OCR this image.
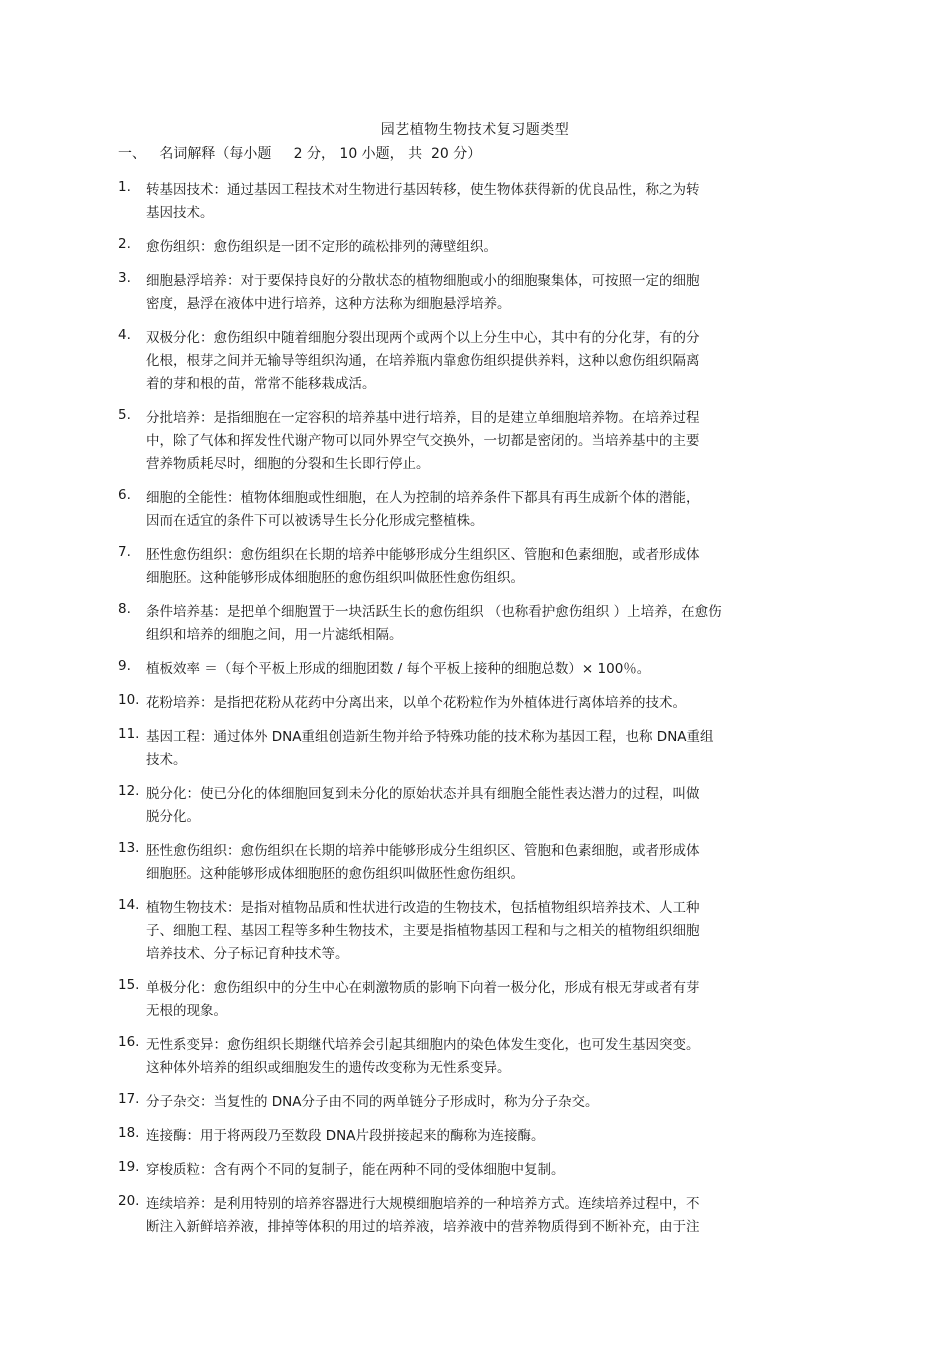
园艺植物生物技术复习题类型
一、   名词解释（每小题     2 分， 10 小题， 共  20 分）
1.	转基因技术：通过基因工程技术对生物进行基因转移，使生物体获得新的优良品性，称之为转
基因技术。
2.	愈伤组织：愈伤组织是一团不定形的疏松排列的薄壁组织。
3.	细胞悬浮培养：对于要保持良好的分散状态的植物细胞或小的细胞聚集体，可按照一定的细胞
密度，悬浮在液体中进行培养，这种方法称为细胞悬浮培养。
4.	双极分化：愈伤组织中随着细胞分裂出现两个或两个以上分生中心，其中有的分化芽，有的分
化根，根芽之间并无输导等组织沟通，在培养瓶内靠愈伤组织提供养料，这种以愈伤组织隔离
着的芽和根的苗，常常不能移栽成活。
5.	分批培养：是指细胞在一定容积的培养基中进行培养，目的是建立单细胞培养物。在培养过程
中，除了气体和挥发性代谢产物可以同外界空气交换外，一切都是密闭的。当培养基中的主要
营养物质耗尽时，细胞的分裂和生长即行停止。
6.	细胞的全能性：植物体细胞或性细胞，在人为控制的培养条件下都具有再生成新个体的潜能，
因而在适宜的条件下可以被诱导生长分化形成完整植株。
7.	胚性愈伤组织：愈伤组织在长期的培养中能够形成分生组织区、管胞和色素细胞，或者形成体
细胞胚。这种能够形成体细胞胚的愈伤组织叫做胚性愈伤组织。
8.	条件培养基：是把单个细胞置于一块活跃生长的愈伤组织 （也称看护愈伤组织 ）上培养，在愈伤
组织和培养的细胞之间，用一片滤纸相隔。
9.	植板效率 ＝（每个平板上形成的细胞团数 / 每个平板上接种的细胞总数）× 100％。
10. 花粉培养：是指把花粉从花药中分离出来，以单个花粉粒作为外植体进行离体培养的技术。
11. 基因工程：通过体外 DNA重组创造新生物并给予特殊功能的技术称为基因工程，也称 DNA重组
技术。
12. 脱分化：使已分化的体细胞回复到未分化的原始状态并具有细胞全能性表达潜力的过程，叫做
脱分化。
13. 胚性愈伤组织：愈伤组织在长期的培养中能够形成分生组织区、管胞和色素细胞，或者形成体
细胞胚。这种能够形成体细胞胚的愈伤组织叫做胚性愈伤组织。
14. 植物生物技术：是指对植物品质和性状进行改造的生物技术，包括植物组织培养技术、人工种
子、细胞工程、基因工程等多种生物技术，主要是指植物基因工程和与之相关的植物组织细胞
培养技术、分子标记育种技术等。
15. 单极分化：愈伤组织中的分生中心在刺激物质的影响下向着一极分化，形成有根无芽或者有芽
无根的现象。
16. 无性系变异：愈伤组织长期继代培养会引起其细胞内的染色体发生变化，也可发生基因突变。
这种体外培养的组织或细胞发生的遗传改变称为无性系变异。
17. 分子杂交：当复性的 DNA分子由不同的两单链分子形成时，称为分子杂交。
18. 连接酶：用于将两段乃至数段 DNA片段拼接起来的酶称为连接酶。
19. 穿梭质粒：含有两个不同的复制子，能在两种不同的受体细胞中复制。
20. 连续培养：是利用特别的培养容器进行大规模细胞培养的一种培养方式。连续培养过程中，不
断注入新鲜培养液，排掉等体积的用过的培养液，培养液中的营养物质得到不断补充，由于注
